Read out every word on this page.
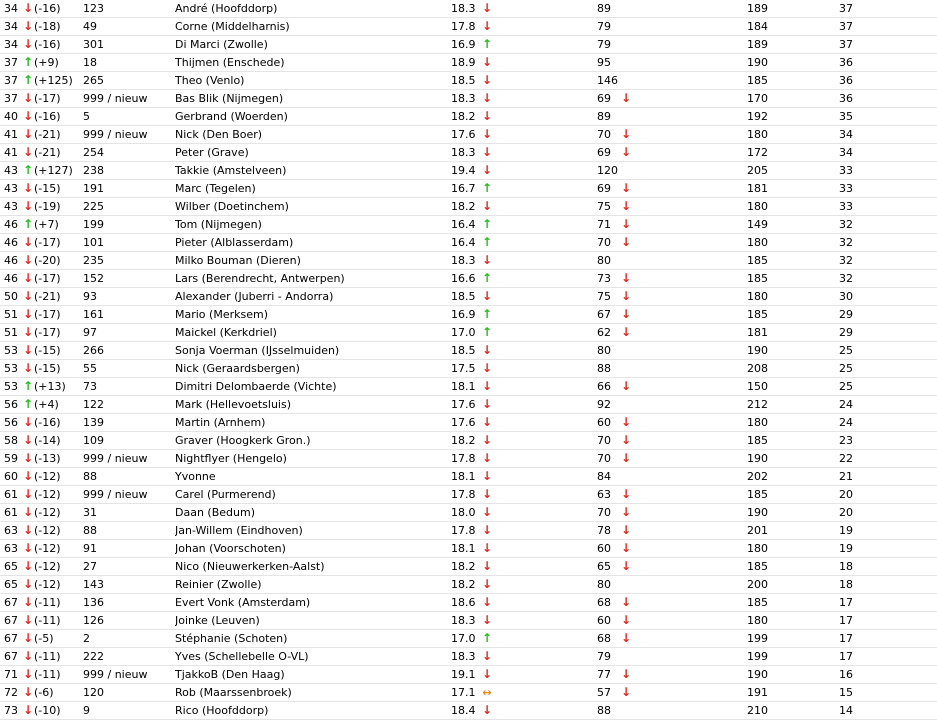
	34	↓	(-16)	123	André (Hoofddorp)	18.3	↓	89		189	37
	34	↓	(-18)	49	Corne (Middelharnis)	17.8	↓	79		184	37
	34	↓	(-16)	301	Di Marci (Zwolle)	16.9	↑	79		189	37
	37	↑	(+9)	18	Thijmen (Enschede)	18.9	↓	95		190	36
	37	↑	(+125)	265	Theo (Venlo)	18.5	↓	146		185	36
	37	↓	(-17)	999 / nieuw	Bas Blik (Nijmegen)	18.3	↓	69	↓	170	36
	40	↓	(-16)	5	Gerbrand (Woerden)	18.2	↓	89		192	35
	41	↓	(-21)	999 / nieuw	Nick (Den Boer)	17.6	↓	70	↓	180	34
	41	↓	(-21)	254	Peter (Grave)	18.3	↓	69	↓	172	34
	43	↑	(+127)	238	Takkie (Amstelveen)	19.4	↓	120		205	33
	43	↓	(-15)	191	Marc (Tegelen)	16.7	↑	69	↓	181	33
	43	↓	(-19)	225	Wilber (Doetinchem)	18.2	↓	75	↓	180	33
	46	↑	(+7)	199	Tom (Nijmegen)	16.4	↑	71	↓	149	32
	46	↓	(-17)	101	Pieter (Alblasserdam)	16.4	↑	70	↓	180	32
	46	↓	(-20)	235	Milko Bouman (Dieren)	18.3	↓	80		185	32
	46	↓	(-17)	152	Lars (Berendrecht, Antwerpen)	16.6	↑	73	↓	185	32
	50	↓	(-21)	93	Alexander (Juberri - Andorra)	18.5	↓	75	↓	180	30
	51	↓	(-17)	161	Mario (Merksem)	16.9	↑	67	↓	185	29
	51	↓	(-17)	97	Maickel (Kerkdriel)	17.0	↑	62	↓	181	29
	53	↓	(-15)	266	Sonja Voerman (IJsselmuiden)	18.5	↓	80		190	25
	53	↓	(-15)	55	Nick (Geraardsbergen)	17.5	↓	88		208	25
	53	↑	(+13)	73	Dimitri Delombaerde (Vichte)	18.1	↓	66	↓	150	25
	56	↑	(+4)	122	Mark (Hellevoetsluis)	17.6	↓	92		212	24
	56	↓	(-16)	139	Martin (Arnhem)	17.6	↓	60	↓	180	24
	58	↓	(-14)	109	Graver (Hoogkerk Gron.)	18.2	↓	70	↓	185	23
	59	↓	(-13)	999 / nieuw	Nightflyer (Hengelo)	17.8	↓	70	↓	190	22
	60	↓	(-12)	88	Yvonne	18.1	↓	84		202	21
	61	↓	(-12)	999 / nieuw	Carel (Purmerend)	17.8	↓	63	↓	185	20
	61	↓	(-12)	31	Daan (Bedum)	18.0	↓	70	↓	190	20
	63	↓	(-12)	88	Jan-Willem (Eindhoven)	17.8	↓	78	↓	201	19
	63	↓	(-12)	91	Johan (Voorschoten)	18.1	↓	60	↓	180	19
	65	↓	(-12)	27	Nico (Nieuwerkerken-Aalst)	18.2	↓	65	↓	185	18
	65	↓	(-12)	143	Reinier (Zwolle)	18.2	↓	80		200	18
	67	↓	(-11)	136	Evert Vonk (Amsterdam)	18.6	↓	68	↓	185	17
	67	↓	(-11)	126	Joinke (Leuven)	18.3	↓	60	↓	180	17
	67	↓	(-5)	2	Stéphanie (Schoten)	17.0	↑	68	↓	199	17
	67	↓	(-11)	222	Yves (Schellebelle O-VL)	18.3	↓	79		199	17
	71	↓	(-11)	999 / nieuw	TjakkoB (Den Haag)	19.1	↓	77	↓	190	16
	72	↓	(-6)	120	Rob (Maarssenbroek)	17.1	↔	57	↓	191	15
	73	↓	(-10)	9	Rico (Hoofddorp)	18.4	↓	88		210	14
